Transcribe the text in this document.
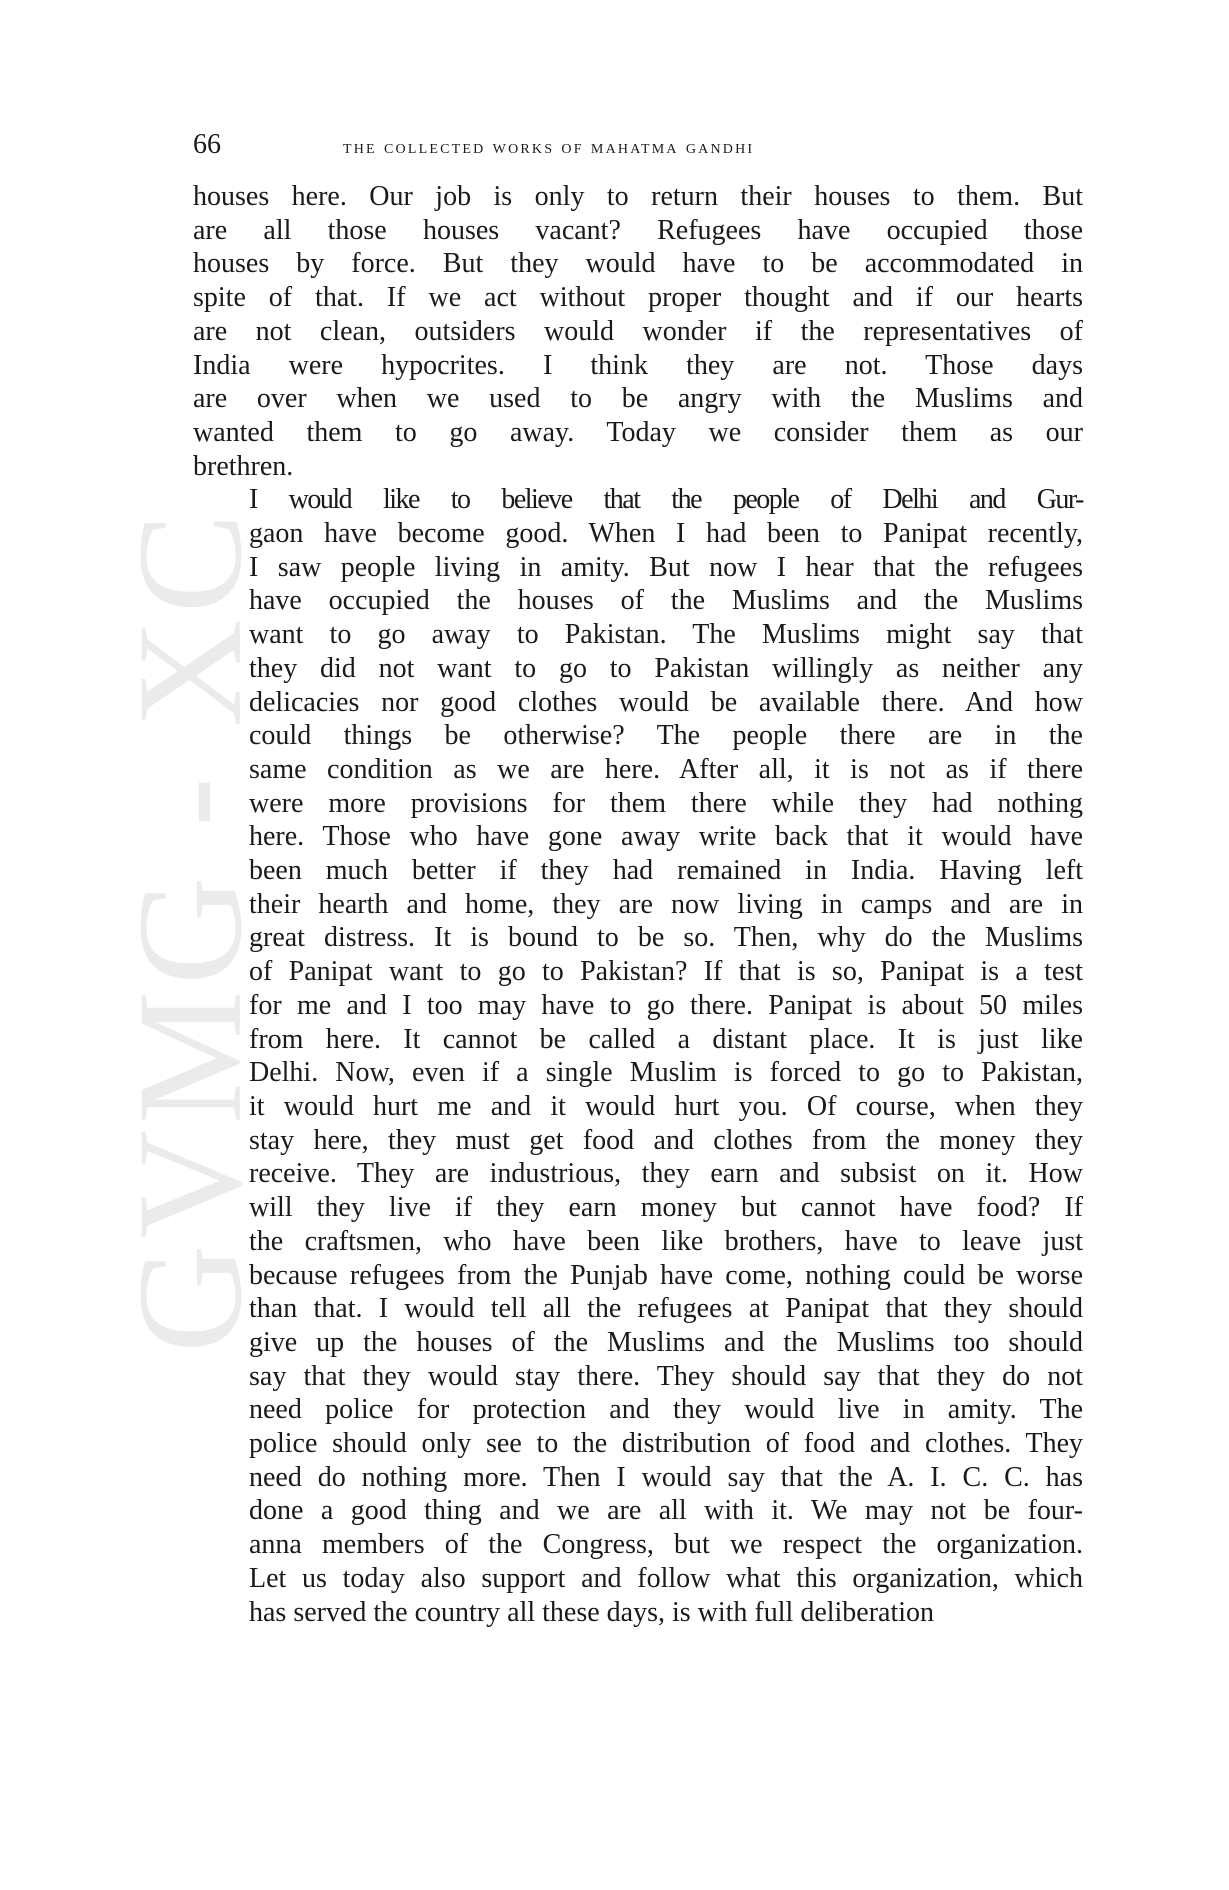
GVMG - XC
66	the collected works of mahatma gandhi

houses here. Our job is only to return their houses to them. But
are all those houses vacant? Refugees have occupied those
houses by force. But they would have to be accommodated in
spite of that. If we act without proper thought and if our hearts
are not clean, outsiders would wonder if the representatives of
India were hypocrites. I think they are not. Those days
are over when we used to be angry with the Muslims and
wanted them to go away. Today we consider them as our
brethren.

I would like to believe that the people of Delhi and Gur-
gaon have become good. When I had been to Panipat recently,
I saw people living in amity. But now I hear that the refugees
have occupied the houses of the Muslims and the Muslims
want to go away to Pakistan. The Muslims might say that
they did not want to go to Pakistan willingly as neither any
delicacies nor good clothes would be available there. And how
could things be otherwise? The people there are in the
same condition as we are here. After all, it is not as if there
were more provisions for them there while they had nothing
here. Those who have gone away write back that it would have
been much better if they had remained in India. Having left
their hearth and home, they are now living in camps and are in
great distress. It is bound to be so. Then, why do the Muslims
of Panipat want to go to Pakistan? If that is so, Panipat is a test
for me and I too may have to go there. Panipat is about 50 miles
from here. It cannot be called a distant place. It is just like
Delhi. Now, even if a single Muslim is forced to go to Pakistan,
it would hurt me and it would hurt you. Of course, when they
stay here, they must get food and clothes from the money they
receive. They are industrious, they earn and subsist on it. How
will they live if they earn money but cannot have food? If
the craftsmen, who have been like brothers, have to leave just
because refugees from the Punjab have come, nothing could be worse
than that. I would tell all the refugees at Panipat that they should
give up the houses of the Muslims and the Muslims too should
say that they would stay there. They should say that they do not
need police for protection and they would live in amity. The
police should only see to the distribution of food and clothes. They
need do nothing more. Then I would say that the A. I. C. C. has
done a good thing and we are all with it. We may not be four-
anna members of the Congress, but we respect the organization.
Let us today also support and follow what this organization, which
has served the country all these days, is with full deliberation
